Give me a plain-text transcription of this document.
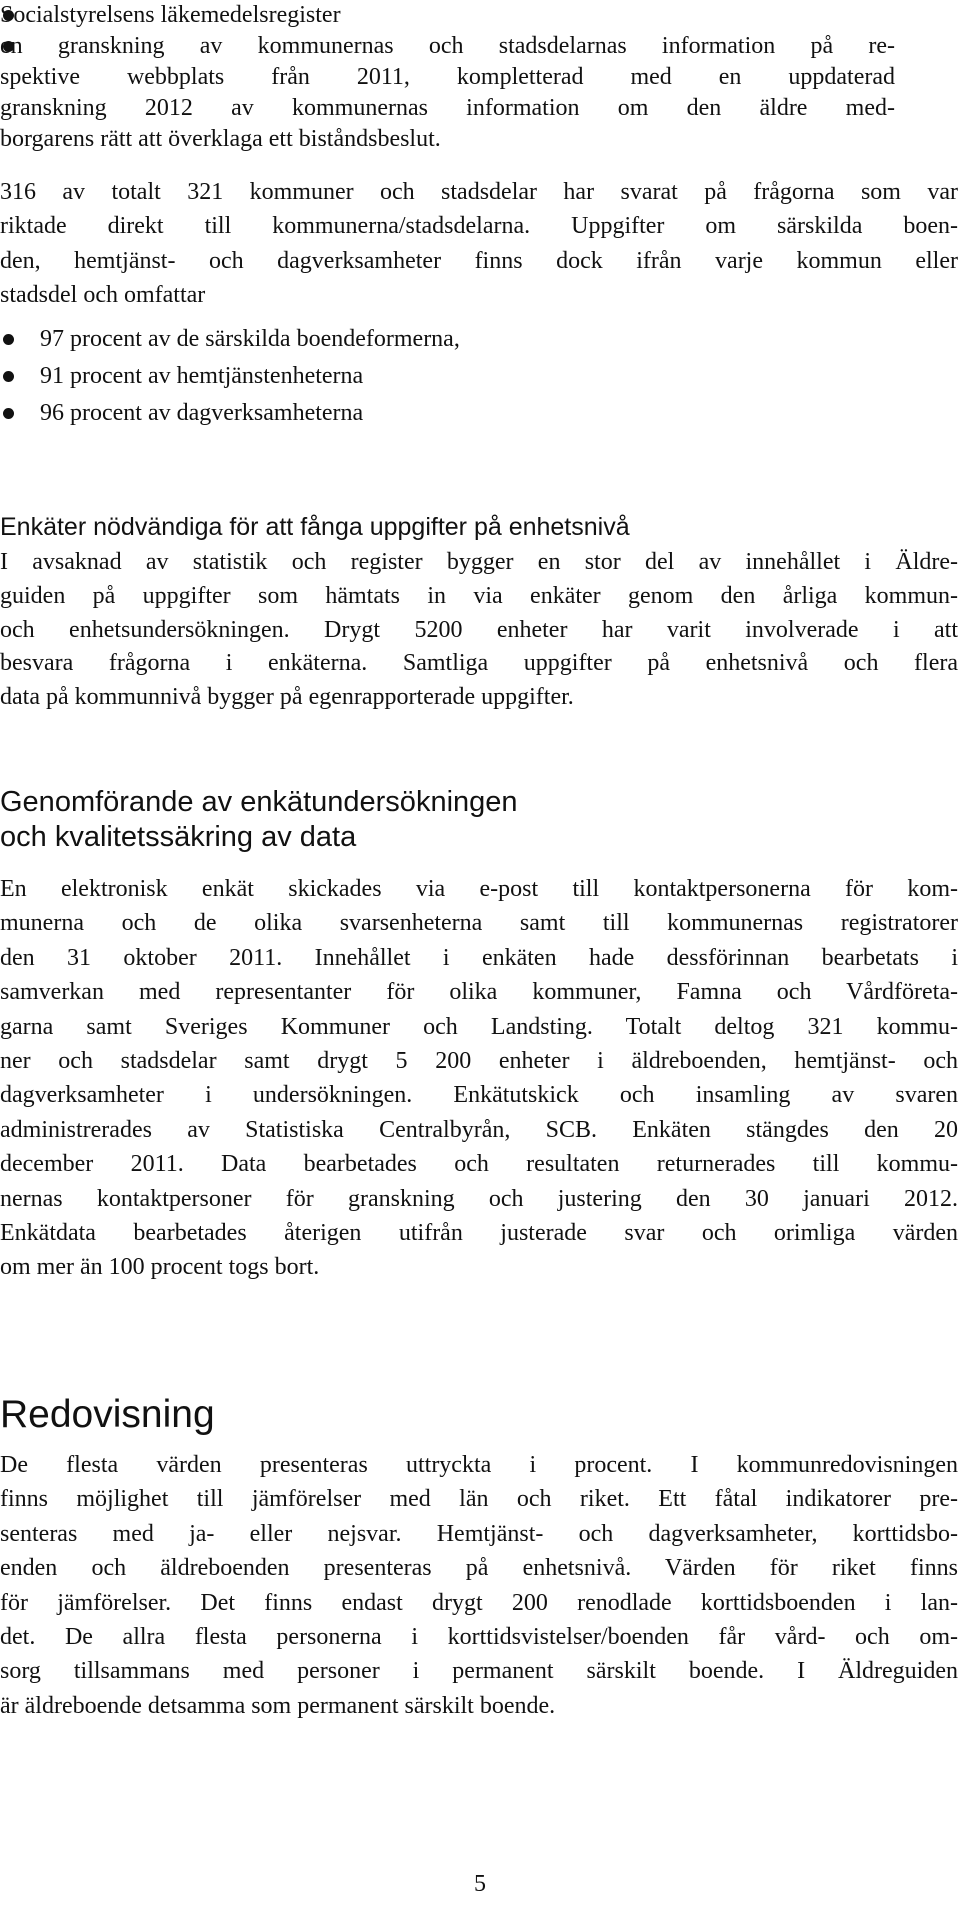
Socialstyrelsens läkemedelsregister
en granskning av kommunernas och stadsdelarnas information på re-
spektive webbplats från 2011, kompletterad med en uppdaterad
granskning 2012 av kommunernas information om den äldre med-
borgarens rätt att överklaga ett biståndsbeslut.
316 av totalt 321 kommuner och stadsdelar har svarat på frågorna som var
riktade direkt till kommunerna/stadsdelarna. Uppgifter om särskilda boen-
den, hemtjänst- och dagverksamheter finns dock ifrån varje kommun eller
stadsdel och omfattar
97 procent av de särskilda boendeformerna,
91 procent av hemtjänstenheterna
96 procent av dagverksamheterna
Enkäter nödvändiga för att fånga uppgifter på enhetsnivå
I avsaknad av statistik och register bygger en stor del av innehållet i Äldre-
guiden på uppgifter som hämtats in via enkäter genom den årliga kommun-
och enhetsundersökningen. Drygt 5200 enheter har varit involverade i att
besvara frågorna i enkäterna. Samtliga uppgifter på enhetsnivå och flera
data på kommunnivå bygger på egenrapporterade uppgifter.
Genomförande av enkätundersökningen
och kvalitetssäkring av data
En elektronisk enkät skickades via e-post till kontaktpersonerna för kom-
munerna och de olika svarsenheterna samt till kommunernas registratorer
den 31 oktober 2011. Innehållet i enkäten hade dessförinnan bearbetats i
samverkan med representanter för olika kommuner, Famna och Vårdföreta-
garna samt Sveriges Kommuner och Landsting. Totalt deltog 321 kommu-
ner och stadsdelar samt drygt 5 200 enheter i äldreboenden, hemtjänst- och
dagverksamheter i undersökningen. Enkätutskick och insamling av svaren
administrerades av Statistiska Centralbyrån, SCB. Enkäten stängdes den 20
december 2011. Data bearbetades och resultaten returnerades till kommu-
nernas kontaktpersoner för granskning och justering den 30 januari 2012.
Enkätdata bearbetades återigen utifrån justerade svar och orimliga värden
om mer än 100 procent togs bort.
Redovisning
De flesta värden presenteras uttryckta i procent. I kommunredovisningen
finns möjlighet till jämförelser med län och riket. Ett fåtal indikatorer pre-
senteras med ja- eller nejsvar. Hemtjänst- och dagverksamheter, korttidsbo-
enden och äldreboenden presenteras på enhetsnivå. Värden för riket finns
för jämförelser. Det finns endast drygt 200 renodlade korttidsboenden i lan-
det. De allra flesta personerna i korttidsvistelser/boenden får vård- och om-
sorg tillsammans med personer i permanent särskilt boende. I Äldreguiden
är äldreboende detsamma som permanent särskilt boende.
5
